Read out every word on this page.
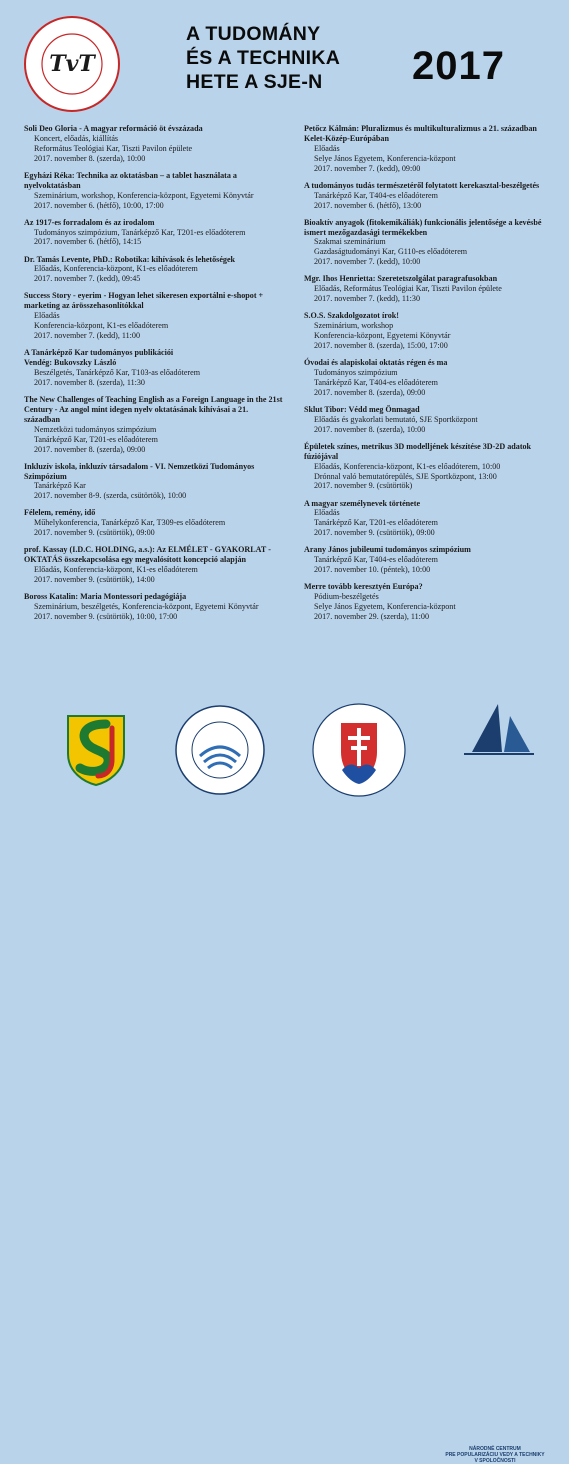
TvT
A TUDOMÁNY
ÉS A TECHNIKA
HETE A SJE-N	2017
Soli Deo Gloria - A magyar reformáció öt évszázada
Koncert, előadás, kiállítás
Református Teológiai Kar, Tiszti Pavilon épülete
2017. november 8. (szerda), 10:00
Egyházi Réka: Technika az oktatásban – a tablet használata a nyelvoktatásban
Szeminárium, workshop, Konferencia-központ, Egyetemi Könyvtár
2017. november 6. (hétfő), 10:00, 17:00
Az 1917-es forradalom és az irodalom
Tudományos szimpózium, Tanárképző Kar, T201-es előadóterem
2017. november 6. (hétfő), 14:15
Dr. Tamás Levente, PhD.: Robotika: kihívások és lehetőségek
Előadás, Konferencia-központ, K1-es előadóterem
2017. november 7. (kedd), 09:45
Success Story - eyerim - Hogyan lehet sikeresen exportálni e-shopot + marketing az árösszehasonlítókkal
Előadás
Konferencia-központ, K1-es előadóterem
2017. november 7. (kedd), 11:00
A Tanárképző Kar tudományos publikációi
Vendég: Bukovszky László
Beszélgetés, Tanárképző Kar, T103-as előadóterem
2017. november 8. (szerda), 11:30
The New Challenges of Teaching English as a Foreign Language in the 21st Century - Az angol mint idegen nyelv oktatásának kihívásai a 21. században
Nemzetközi tudományos szimpózium
Tanárképző Kar, T201-es előadóterem
2017. november 8. (szerda), 09:00
Inkluzív iskola, inkluzív társadalom - VI. Nemzetközi Tudományos Szimpózium
Tanárképző Kar
2017. november 8-9. (szerda, csütörtök), 10:00
Félelem, remény, idő
Műhelykonferencia, Tanárképző Kar, T309-es előadóterem
2017. november 9. (csütörtök), 09:00
prof. Kassay (I.D.C. HOLDING, a.s.): Az ELMÉLET - GYAKORLAT - OKTATÁS összekapcsolása egy megvalósított koncepció alapján
Előadás, Konferencia-központ, K1-es előadóterem
2017. november 9. (csütörtök), 14:00
Boross Katalin: Maria Montessori pedagógiája
Szeminárium, beszélgetés, Konferencia-központ, Egyetemi Könyvtár
2017. november 9. (csütörtök), 10:00, 17:00
Petőcz Kálmán: Pluralizmus és multikulturalizmus a 21. században Kelet-Közép-Európában
Előadás
Selye János Egyetem, Konferencia-központ
2017. november 7. (kedd), 09:00
A tudományos tudás természetéről folytatott kerekasztal-beszélgetés
Tanárképző Kar, T404-es előadóterem
2017. november 6. (hétfő), 13:00
Bioaktív anyagok (fitokemikáliák) funkcionális jelentősége a kevésbé ismert mezőgazdasági termékekben
Szakmai szeminárium
Gazdaságtudományi Kar, G110-es előadóterem
2017. november 7. (kedd), 10:00
Mgr. Ihos Henrietta: Szeretetszolgálat paragrafusokban
Előadás, Református Teológiai Kar, Tiszti Pavilon épülete
2017. november 7. (kedd), 11:30
S.O.S. Szakdolgozatot írok!
Szeminárium, workshop
Konferencia-központ, Egyetemi Könyvtár
2017. november 8. (szerda), 15:00, 17:00
Óvodai és alapiskolai oktatás régen és ma
Tudományos szimpózium
Tanárképző Kar, T404-es előadóterem
2017. november 8. (szerda), 09:00
Sklut Tibor: Védd meg Önmagad
Előadás és gyakorlati bemutató, SJE Sportközpont
2017. november 8. (szerda), 10:00
Épületek színes, metrikus 3D modelljének készítése 3D-2D adatok fúziójával
Előadás, Konferencia-központ, K1-es előadóterem, 10:00
Drónnal való bemutatórepülés, SJE Sportközpont, 13:00
2017. november 9. (csütörtök)
A magyar személynevek története
Előadás
Tanárképző Kar, T201-es előadóterem
2017. november 9. (csütörtök), 09:00
Arany János jubileumi tudományos szimpózium
Tanárképző Kar, T404-es előadóterem
2017. november 10. (péntek), 10:00
Merre tovább keresztyén Európa?
Pódium-beszélgetés
Selye János Egyetem, Konferencia-központ
2017. november 29. (szerda), 11:00
NÁRODNÉ CENTRUM
PRE POPULARIZÁCIU VEDY A TECHNIKY
V SPOLOČNOSTI
